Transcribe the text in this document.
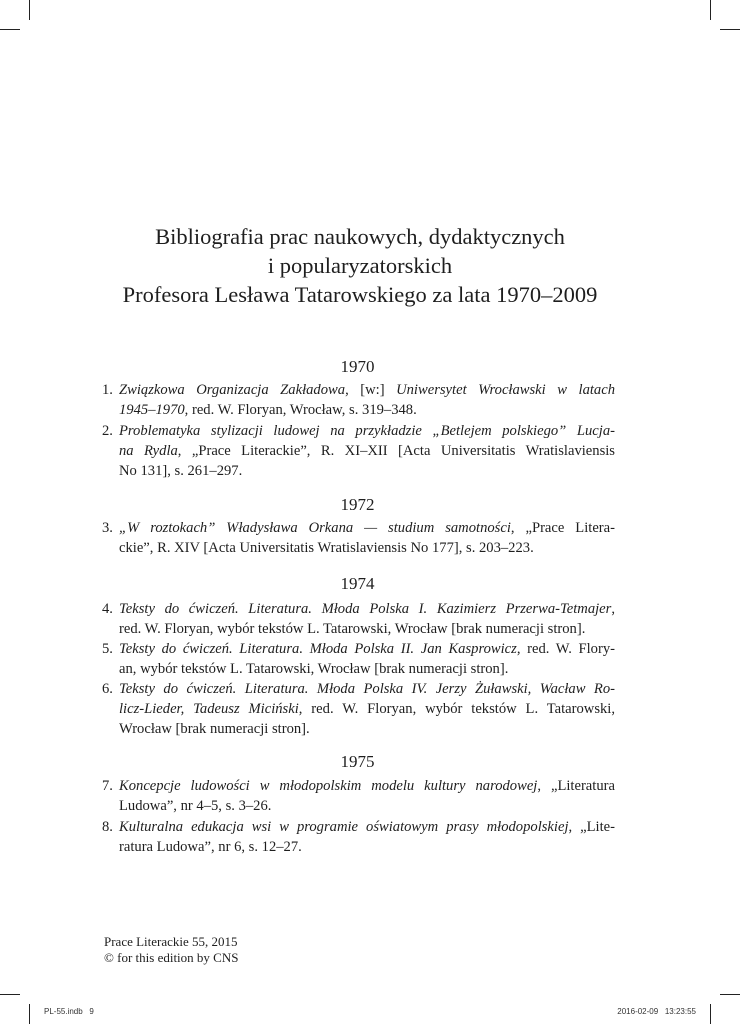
Bibliografia prac naukowych, dydaktycznych
i popularyzatorskich
Profesora Lesława Tatarowskiego za lata 1970–2009
1970
1. Związkowa Organizacja Zakładowa, [w:] Uniwersytet Wrocławski w latach
1945–1970, red. W. Floryan, Wrocław, s. 319–348.
2. Problematyka stylizacji ludowej na przykładzie „Betlejem polskiego” Lucja-
na Rydla, „Prace Literackie”, R. XI–XII [Acta Universitatis Wratislaviensis
No 131], s. 261–297.
1972
3. „W roztokach” Władysława Orkana — studium samotności, „Prace Litera-
ckie”, R. XIV [Acta Universitatis Wratislaviensis No 177], s. 203–223.
1974
4. Teksty do ćwiczeń. Literatura. Młoda Polska I. Kazimierz Przerwa-Tetmajer,
red. W. Floryan, wybór tekstów L. Tatarowski, Wrocław [brak numeracji stron].
5. Teksty do ćwiczeń. Literatura. Młoda Polska II. Jan Kasprowicz, red. W. Flory-
an, wybór tekstów L. Tatarowski, Wrocław [brak numeracji stron].
6. Teksty do ćwiczeń. Literatura. Młoda Polska IV. Jerzy Żuławski, Wacław Ro-
licz-Lieder, Tadeusz Miciński, red. W. Floryan, wybór tekstów L. Tatarowski,
Wrocław [brak numeracji stron].
1975
7. Koncepcje ludowości w młodopolskim modelu kultury narodowej, „Literatura
Ludowa”, nr 4–5, s. 3–26.
8. Kulturalna edukacja wsi w programie oświatowym prasy młodopolskiej, „Lite-
ratura Ludowa”, nr 6, s. 12–27.
Prace Literackie 55, 2015
© for this edition by CNS
PL-55.indb   9	2016-02-09   13:23:55
